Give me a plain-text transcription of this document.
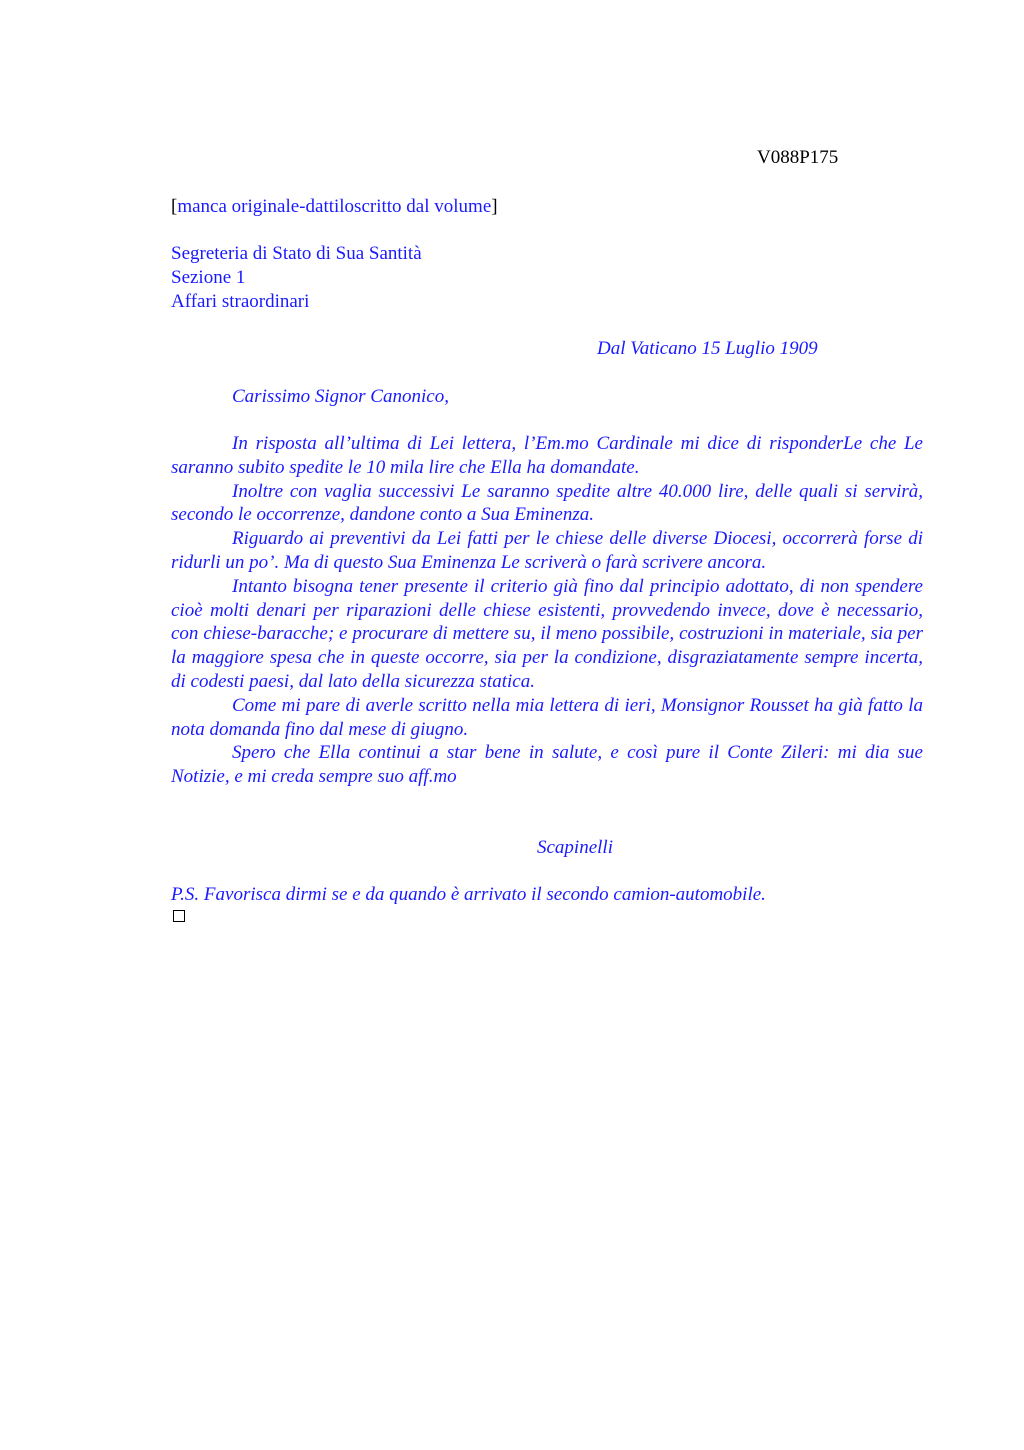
V088P175
[manca originale-dattiloscritto dal volume]
Segreteria di Stato di Sua Santità
Sezione 1
Affari straordinari
Dal Vaticano 15 Luglio 1909
Carissimo Signor Canonico,

In risposta all’ultima di Lei lettera, l’Em.mo Cardinale mi dice di risponderLe che Le saranno subito spedite le 10 mila lire che Ella ha domandate.

Inoltre con vaglia successivi Le saranno spedite altre 40.000 lire, delle quali si servirà, secondo le occorrenze, dandone conto a Sua Eminenza.

Riguardo ai preventivi da Lei fatti per le chiese delle diverse Diocesi, occorrerà forse di ridurli un po’. Ma di questo Sua Eminenza Le scriverà o farà scrivere ancora.

Intanto bisogna tener presente il criterio già fino dal principio adottato, di non spendere cioè molti denari per riparazioni delle chiese esistenti, provvedendo invece, dove è necessario, con chiese-baracche; e procurare di mettere su, il meno possibile, costruzioni in materiale, sia per la maggiore spesa che in queste occorre, sia per la condizione, disgraziatamente sempre incerta, di codesti paesi, dal lato della sicurezza statica.

Come mi pare di averle scritto nella mia lettera di ieri, Monsignor Rousset ha già fatto la nota domanda fino dal mese di giugno.

Spero che Ella continui a star bene in salute, e così pure il Conte Zileri: mi dia sue Notizie, e mi creda sempre suo aff.mo

Scapinelli
P.S. Favorisca dirmi se e da quando è arrivato il secondo camion-automobile.
